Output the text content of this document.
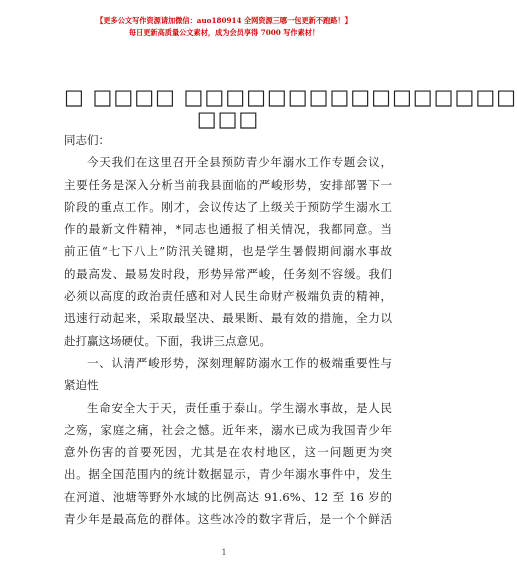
【更多公文写作资源请加微信：auo180914 全网资源三哪一包更新不跑路！】
每日更新高质量公文素材，成为会员享得 7000 写作素材！
□ □□□□ □□□□□□□□□□□□□□□□
□□□
同志们：
今天我们在这里召开全县预防青少年溺水工作专题会议，
主要任务是深入分析当前我县面临的严峻形势，安排部署下一
阶段的重点工作。刚才，会议传达了上级关于预防学生溺水工
作的最新文件精神，*同志也通报了相关情况，我都同意。当
前正值“七下八上”防汛关键期，也是学生暑假期间溺水事故
的最高发、最易发时段，形势异常严峻，任务刻不容缓。我们
必须以高度的政治责任感和对人民生命财产极端负责的精神，
迅速行动起来，采取最坚决、最果断、最有效的措施，全力以
赴打赢这场硬仗。下面，我讲三点意见。
一、认清严峻形势，深刻理解防溺水工作的极端重要性与
紧迫性
生命安全大于天，责任重于泰山。学生溺水事故，是人民
之殇，家庭之痛，社会之憾。近年来，溺水已成为我国青少年
意外伤害的首要死因，尤其是在农村地区，这一问题更为突
出。据全国范围内的统计数据显示，青少年溺水事件中，发生
在河道、池塘等野外水域的比例高达 91.6%、12 至 16 岁的
青少年是最高危的群体。这些冰冷的数字背后，是一个个鲜活
1
